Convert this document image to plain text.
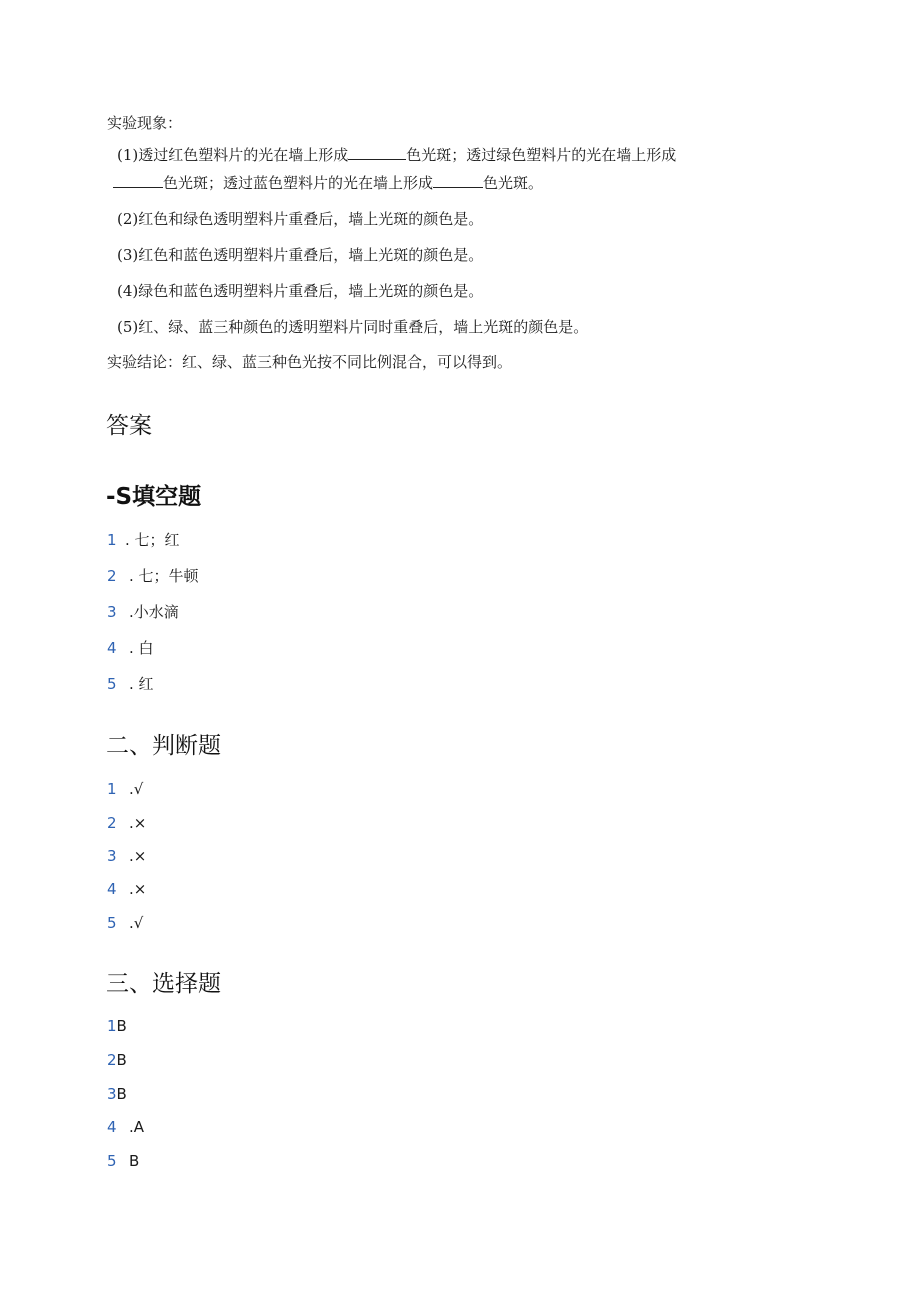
实验现象：
(1)透过红色塑料片的光在墙上形成	色光斑；透过绿色塑料片的光在墙上形成
色光斑；透过蓝色塑料片的光在墙上形成	色光斑。
(2)红色和绿色透明塑料片重叠后，墙上光斑的颜色是。
(3)红色和蓝色透明塑料片重叠后，墙上光斑的颜色是。
(4)绿色和蓝色透明塑料片重叠后，墙上光斑的颜色是。
(5)红、绿、蓝三种颜色的透明塑料片同时重叠后，墙上光斑的颜色是。
实验结论：红、绿、蓝三种色光按不同比例混合，可以得到。
答案
-S填空题
1 . 七；红
2 . 七；牛顿
3 .小水滴
4 . 白
5 . 红
二、判断题
1 .√
2 .×
3 .×
4 .×
5 .√
三、选择题
1B
2B
3B
4 .A
5 B
